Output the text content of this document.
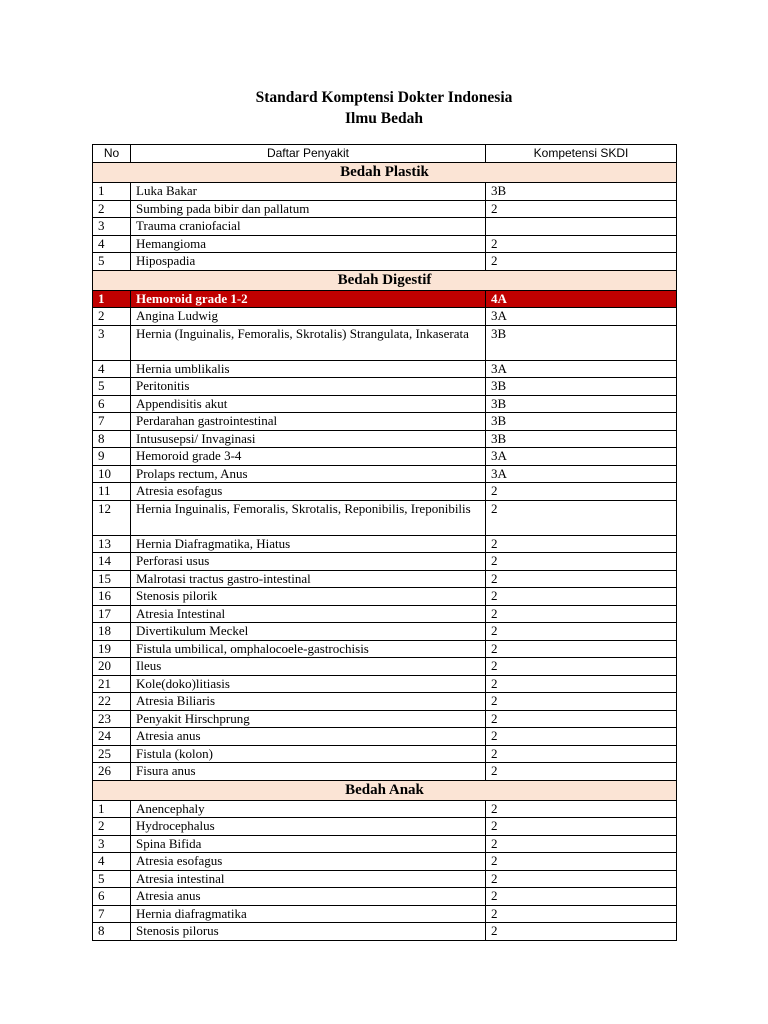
Standard Komptensi Dokter Indonesia
Ilmu Bedah
No	Daftar Penyakit	Kompetensi SKDI
Bedah Plastik		
1	Luka Bakar	3B
2	Sumbing pada bibir dan pallatum	2
3	Trauma craniofacial	
4	Hemangioma	2
5	Hipospadia	2
Bedah Digestif		
1	Hemoroid grade 1-2	4A
2	Angina Ludwig	3A
3	Hernia (Inguinalis, Femoralis, Skrotalis) Strangulata, Inkaserata	3B
4	Hernia umblikalis	3A
5	Peritonitis	3B
6	Appendisitis akut	3B
7	Perdarahan gastrointestinal	3B
8	Intususepsi/ Invaginasi	3B
9	Hemoroid grade 3-4	3A
10	Prolaps rectum, Anus	3A
11	Atresia esofagus	2
12	Hernia Inguinalis, Femoralis, Skrotalis, Reponibilis, Ireponibilis	2
13	Hernia Diafragmatika, Hiatus	2
14	Perforasi usus	2
15	Malrotasi tractus gastro-intestinal	2
16	Stenosis pilorik	2
17	Atresia Intestinal	2
18	Divertikulum Meckel	2
19	Fistula umbilical, omphalocoele-gastrochisis	2
20	Ileus	2
21	Kole(doko)litiasis	2
22	Atresia Biliaris	2
23	Penyakit Hirschprung	2
24	Atresia anus	2
25	Fistula (kolon)	2
26	Fisura anus	2
Bedah Anak		
1	Anencephaly	2
2	Hydrocephalus	2
3	Spina Bifida	2
4	Atresia esofagus	2
5	Atresia intestinal	2
6	Atresia anus	2
7	Hernia diafragmatika	2
8	Stenosis pilorus	2
